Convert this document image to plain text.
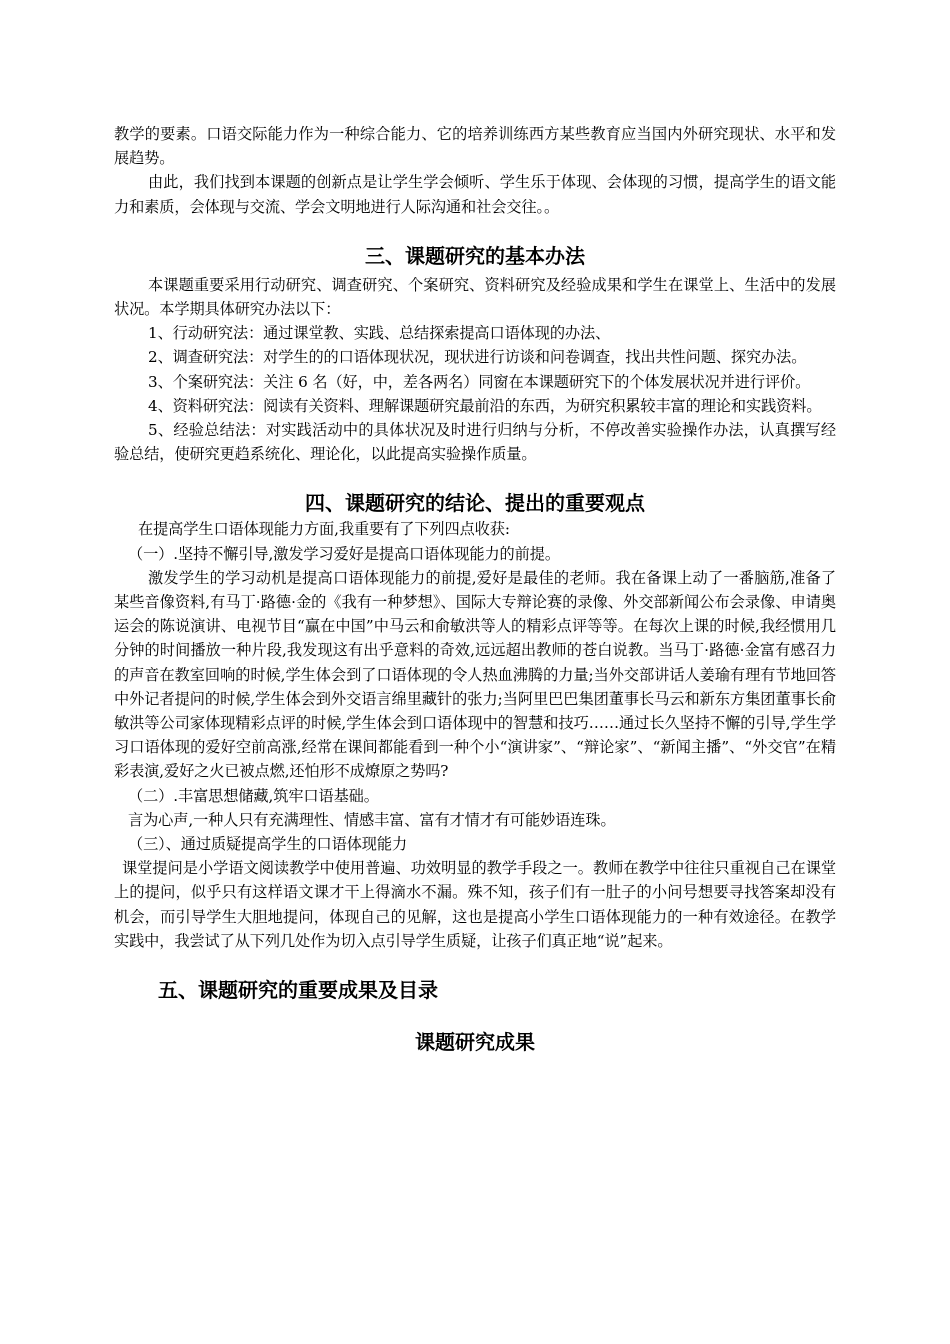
教学的要素。口语交际能力作为一种综合能力、它的培养训练西方某些教育应当国内外研究现状、水平和发展趋势。

由此，我们找到本课题的创新点是让学生学会倾听、学生乐于体现、会体现的习惯，提高学生的语文能力和素质，会体现与交流、学会文明地进行人际沟通和社会交往。。

三、课题研究的基本办法

本课题重要采用行动研究、调查研究、个案研究、资料研究及经验成果和学生在课堂上、生活中的发展状况。本学期具体研究办法以下：

1、行动研究法：通过课堂教、实践、总结探索提高口语体现的办法、

2、调查研究法：对学生的的口语体现状况，现状进行访谈和问卷调查，找出共性问题、探究办法。

3、个案研究法：关注 6 名（好，中，差各两名）同窗在本课题研究下的个体发展状况并进行评价。

4、资料研究法：阅读有关资料、理解课题研究最前沿的东西，为研究积累较丰富的理论和实践资料。

5、经验总结法：对实践活动中的具体状况及时进行归纳与分析，不停改善实验操作办法，认真撰写经验总结，使研究更趋系统化、理论化，以此提高实验操作质量。

四、课题研究的结论、提出的重要观点

在提高学生口语体现能力方面,我重要有了下列四点收获:

（一）.坚持不懈引导,激发学习爱好是提高口语体现能力的前提。

激发学生的学习动机是提高口语体现能力的前提,爱好是最佳的老师。我在备课上动了一番脑筋,准备了某些音像资料,有马丁·路德·金的《我有一种梦想》、国际大专辩论赛的录像、外交部新闻公布会录像、申请奥运会的陈说演讲、电视节目“赢在中国”中马云和俞敏洪等人的精彩点评等等。在每次上课的时候,我经惯用几分钟的时间播放一种片段,我发现这有出乎意料的奇效,远远超出教师的苍白说教。当马丁·路德·金富有感召力的声音在教室回响的时候,学生体会到了口语体现的令人热血沸腾的力量;当外交部讲话人姜瑜有理有节地回答中外记者提问的时候,学生体会到外交语言绵里藏针的张力;当阿里巴巴集团董事长马云和新东方集团董事长俞敏洪等公司家体现精彩点评的时候,学生体会到口语体现中的智慧和技巧……通过长久坚持不懈的引导,学生学习口语体现的爱好空前高涨,经常在课间都能看到一种个小“演讲家”、“辩论家”、“新闻主播”、“外交官”在精彩表演,爱好之火已被点燃,还怕形不成燎原之势吗?

（二）.丰富思想储藏,筑牢口语基础。

言为心声,一种人只有充满理性、情感丰富、富有才情才有可能妙语连珠。

（三）、通过质疑提高学生的口语体现能力

课堂提问是小学语文阅读教学中使用普遍、功效明显的教学手段之一。教师在教学中往往只重视自己在课堂上的提问，似乎只有这样语文课才干上得滴水不漏。殊不知，孩子们有一肚子的小问号想要寻找答案却没有机会，而引导学生大胆地提问，体现自己的见解，这也是提高小学生口语体现能力的一种有效途径。在教学实践中，我尝试了从下列几处作为切入点引导学生质疑，让孩子们真正地“说”起来。

五、课题研究的重要成果及目录
课题研究成果
